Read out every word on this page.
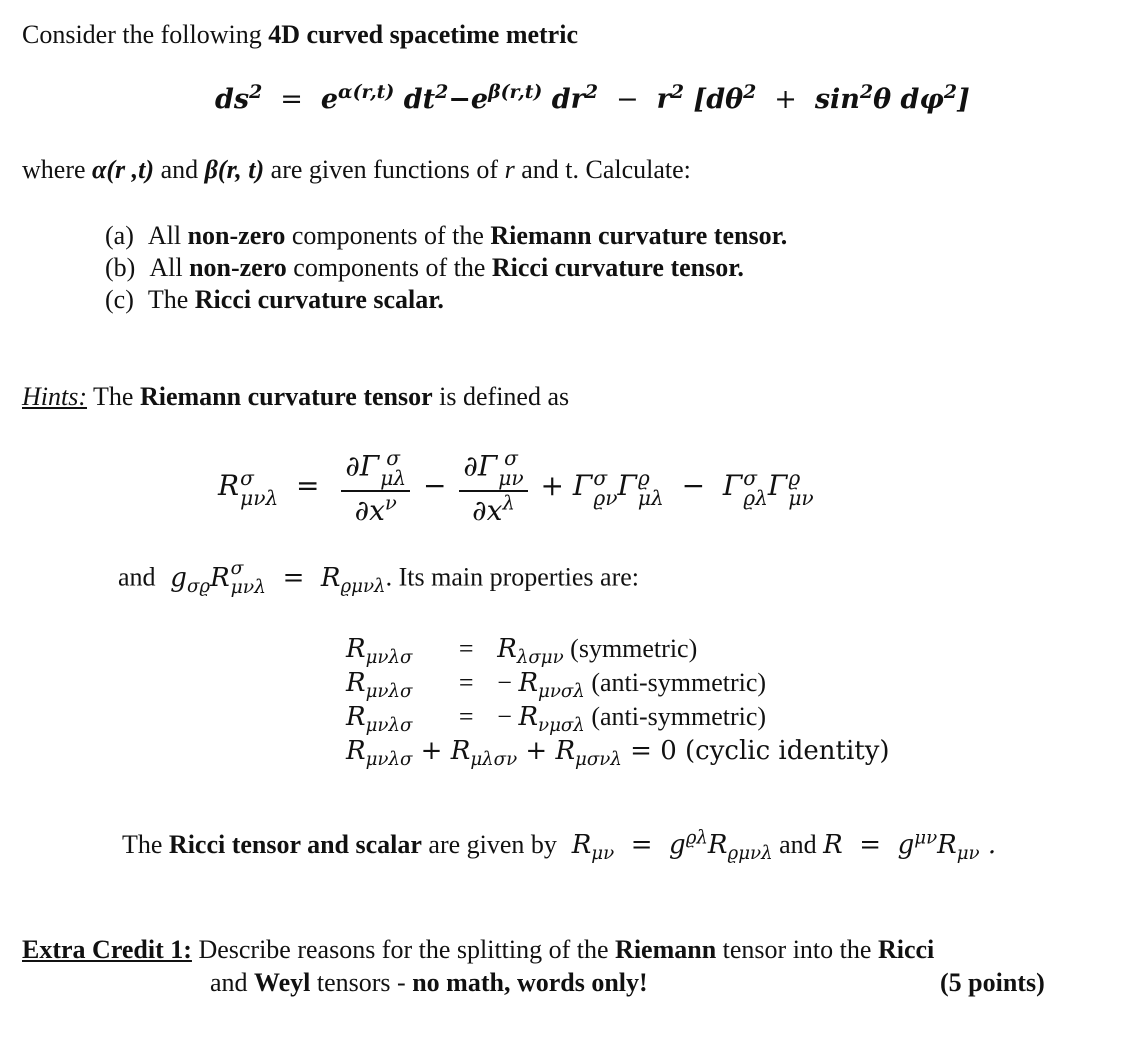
Consider the following 4D curved spacetime metric
$ds^2 = e^{\alpha(r,t)}$ $dt^2-e^{\beta(r,t)}$ $dr^2 - r^2$ [$d\theta^2 + \sin^2\theta$ $d\varphi^2$]
where α(r ,t) and β(r, t) are given functions of r and t. Calculate:
(a) All non-zero components of the Riemann curvature tensor.
(b) All non-zero components of the Ricci curvature tensor.
(c) The Ricci curvature scalar.
Hints: The Riemann curvature tensor is defined as
R σ
μνλ = ∂Γ σ
μλ
$\partial x^\nu - \partial\Gamma$ σ
μν
$\partial x^\lambda + \Gamma$ σ
ϱν Γ ϱ
μλ −  Γ σ
ϱλ Γ ϱ
μν
and  $g_{\sigma ϱ}R$ σ
$\mu\nu\lambda = R_{ϱ\mu\nu\lambda}$. Its main properties are:
$R_{\mu\nu\lambda\sigma}$	=	$R_{\lambda\sigma\mu\nu}$ (symmetric)
$R_{\mu\nu\lambda\sigma}$	=	− $R_{\mu\nu\sigma\lambda}$ (anti-symmetric)
$R_{\mu\nu\lambda\sigma}$	=	− $R_{\nu\mu\sigma\lambda}$ (anti-symmetric)
$R_{\mu\nu\lambda\sigma} + R_{\mu\lambda\sigma\nu} + R_{\mu\sigma\nu\lambda} = 0$ (cyclic identity)		
The Ricci tensor and scalar are given by  $R_{\mu\nu} = g^{ϱ\lambda}R_{ϱ\mu\nu\lambda}$ and $R = g^{\mu\nu}R_{\mu\nu}$ .
Extra Credit 1: Describe reasons for the splitting of the Riemann tensor into the Ricci
and Weyl tensors - no math, words only!	(5 points)
